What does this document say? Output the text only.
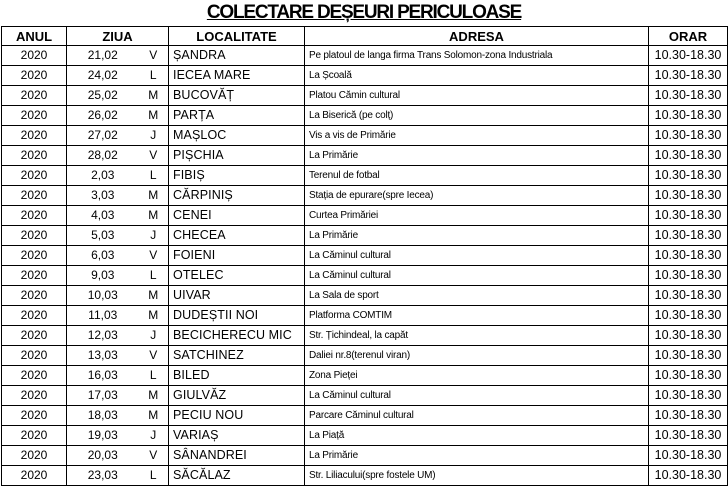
COLECTARE DEȘEURI PERICULOASE
ANUL	ZIUA		LOCALITATE	ADRESA	ORAR
2020	21,02	V	ȘANDRA	Pe platoul de langa firma Trans Solomon-zona Industriala	10.30-18.30
2020	24,02	L	IECEA MARE	La Școală	10.30-18.30
2020	25,02	M	BUCOVĂȚ	Platou Cămin cultural	10.30-18.30
2020	26,02	M	PARȚA	La Biserică (pe colț)	10.30-18.30
2020	27,02	J	MAȘLOC	Vis a vis de Primărie	10.30-18.30
2020	28,02	V	PIȘCHIA	La Primărie	10.30-18.30
2020	2,03	L	FIBIȘ	Terenul de fotbal	10.30-18.30
2020	3,03	M	CĂRPINIȘ	Stația de epurare(spre Iecea)	10.30-18.30
2020	4,03	M	CENEI	Curtea Primăriei	10.30-18.30
2020	5,03	J	CHECEA	La Primărie	10.30-18.30
2020	6,03	V	FOIENI	La Căminul cultural	10.30-18.30
2020	9,03	L	OTELEC	La Căminul cultural	10.30-18.30
2020	10,03	M	UIVAR	La Sala de sport	10.30-18.30
2020	11,03	M	DUDEȘTII NOI	Platforma COMTIM	10.30-18.30
2020	12,03	J	BECICHERECU MIC	Str. Țichindeal, la capăt	10.30-18.30
2020	13,03	V	SATCHINEZ	Daliei nr.8(terenul viran)	10.30-18.30
2020	16,03	L	BILED	Zona Pieței	10.30-18.30
2020	17,03	M	GIULVĂZ	La Căminul cultural	10.30-18.30
2020	18,03	M	PECIU NOU	Parcare Căminul cultural	10.30-18.30
2020	19,03	J	VARIAȘ	La Piață	10.30-18.30
2020	20,03	V	SÂNANDREI	La Primărie	10.30-18.30
2020	23,03	L	SĂCĂLAZ	Str. Liliacului(spre fostele UM)	10.30-18.30
